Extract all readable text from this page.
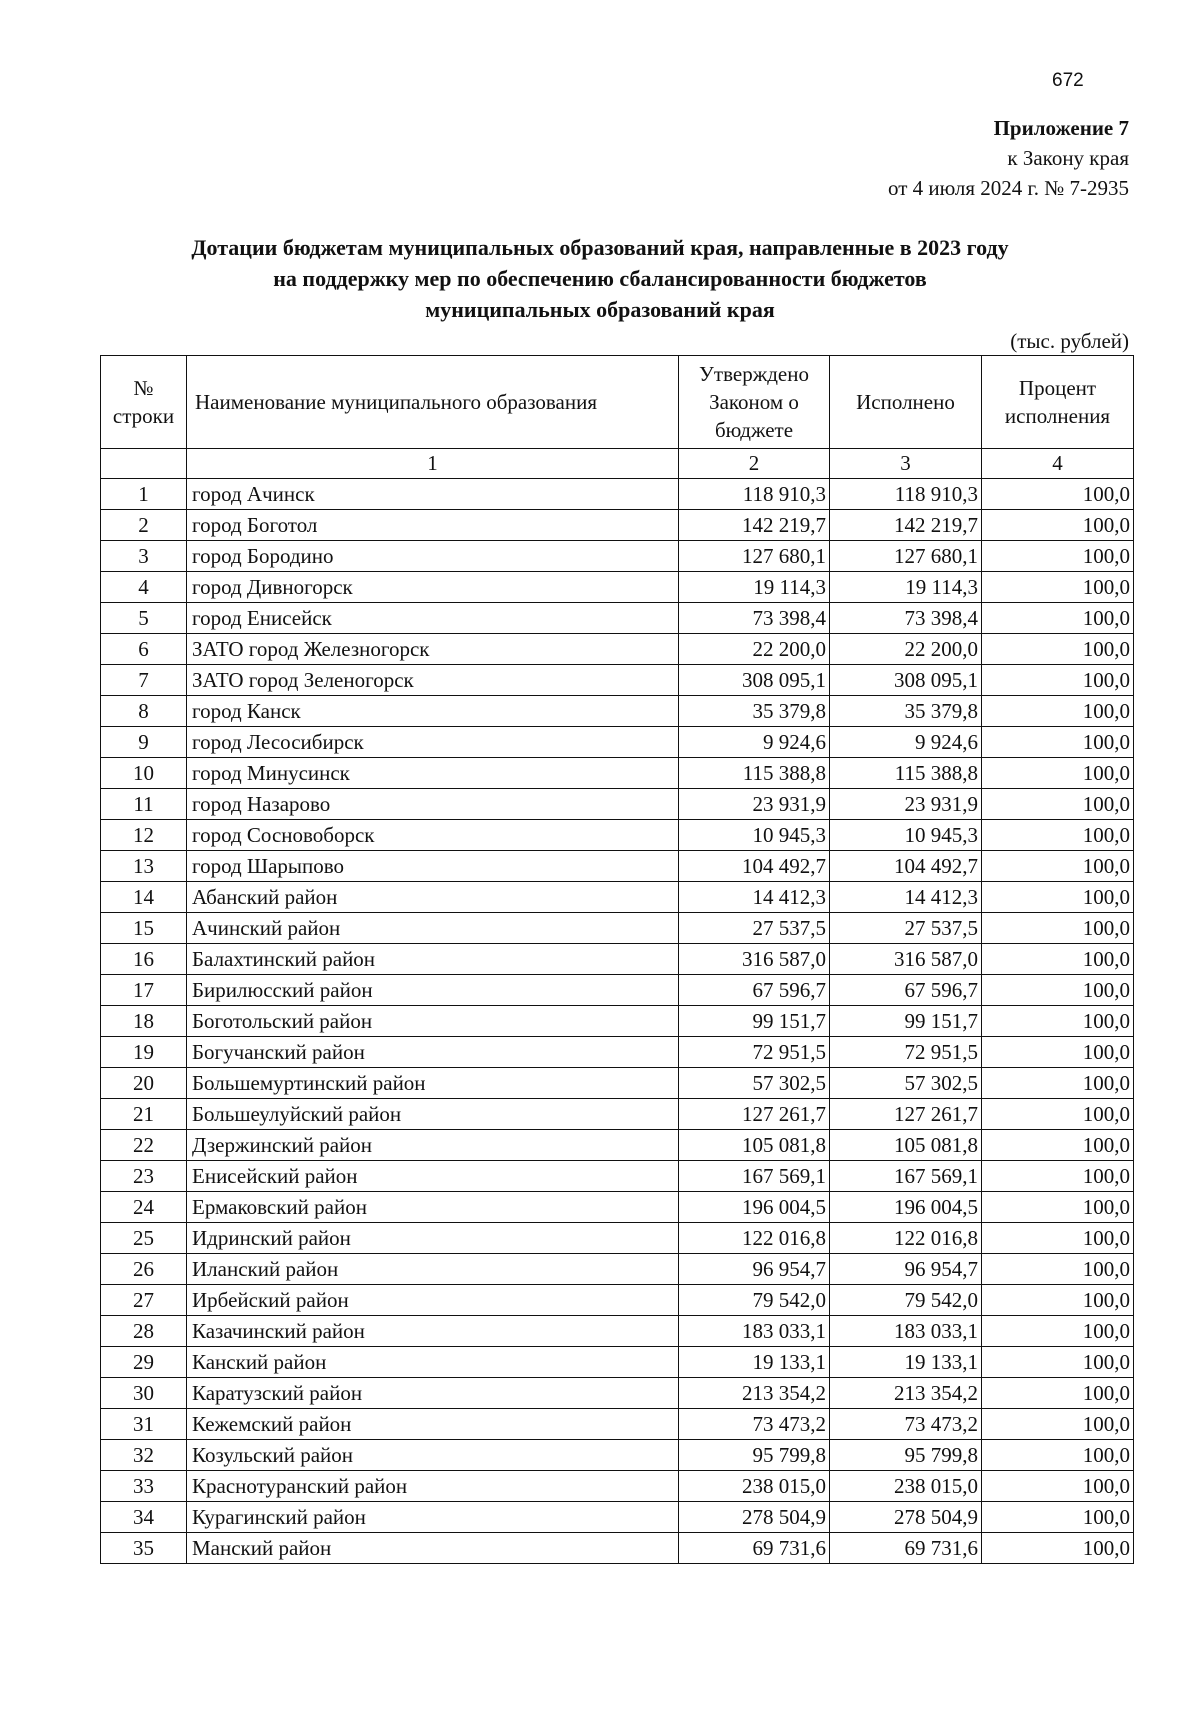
672
Приложение 7
к Закону края
от 4 июля 2024 г. № 7-2935
Дотации бюджетам муниципальных образований края, направленные в 2023 году
на поддержку мер по обеспечению сбалансированности бюджетов
муниципальных образований края
(тыс. рублей)
№ строки	Наименование муниципального образования	Утверждено Законом о бюджете	Исполнено	Процент исполнения
	1	2	3	4
1	город Ачинск	118 910,3	118 910,3	100,0
2	город Боготол	142 219,7	142 219,7	100,0
3	город Бородино	127 680,1	127 680,1	100,0
4	город Дивногорск	19 114,3	19 114,3	100,0
5	город Енисейск	73 398,4	73 398,4	100,0
6	ЗАТО город Железногорск	22 200,0	22 200,0	100,0
7	ЗАТО город Зеленогорск	308 095,1	308 095,1	100,0
8	город Канск	35 379,8	35 379,8	100,0
9	город Лесосибирск	9 924,6	9 924,6	100,0
10	город Минусинск	115 388,8	115 388,8	100,0
11	город Назарово	23 931,9	23 931,9	100,0
12	город Сосновоборск	10 945,3	10 945,3	100,0
13	город Шарыпово	104 492,7	104 492,7	100,0
14	Абанский район	14 412,3	14 412,3	100,0
15	Ачинский район	27 537,5	27 537,5	100,0
16	Балахтинский район	316 587,0	316 587,0	100,0
17	Бирилюсский район	67 596,7	67 596,7	100,0
18	Боготольский район	99 151,7	99 151,7	100,0
19	Богучанский район	72 951,5	72 951,5	100,0
20	Большемуртинский район	57 302,5	57 302,5	100,0
21	Большеулуйский район	127 261,7	127 261,7	100,0
22	Дзержинский район	105 081,8	105 081,8	100,0
23	Енисейский район	167 569,1	167 569,1	100,0
24	Ермаковский район	196 004,5	196 004,5	100,0
25	Идринский район	122 016,8	122 016,8	100,0
26	Иланский район	96 954,7	96 954,7	100,0
27	Ирбейский район	79 542,0	79 542,0	100,0
28	Казачинский район	183 033,1	183 033,1	100,0
29	Канский район	19 133,1	19 133,1	100,0
30	Каратузский район	213 354,2	213 354,2	100,0
31	Кежемский район	73 473,2	73 473,2	100,0
32	Козульский район	95 799,8	95 799,8	100,0
33	Краснотуранский район	238 015,0	238 015,0	100,0
34	Курагинский район	278 504,9	278 504,9	100,0
35	Манский район	69 731,6	69 731,6	100,0
